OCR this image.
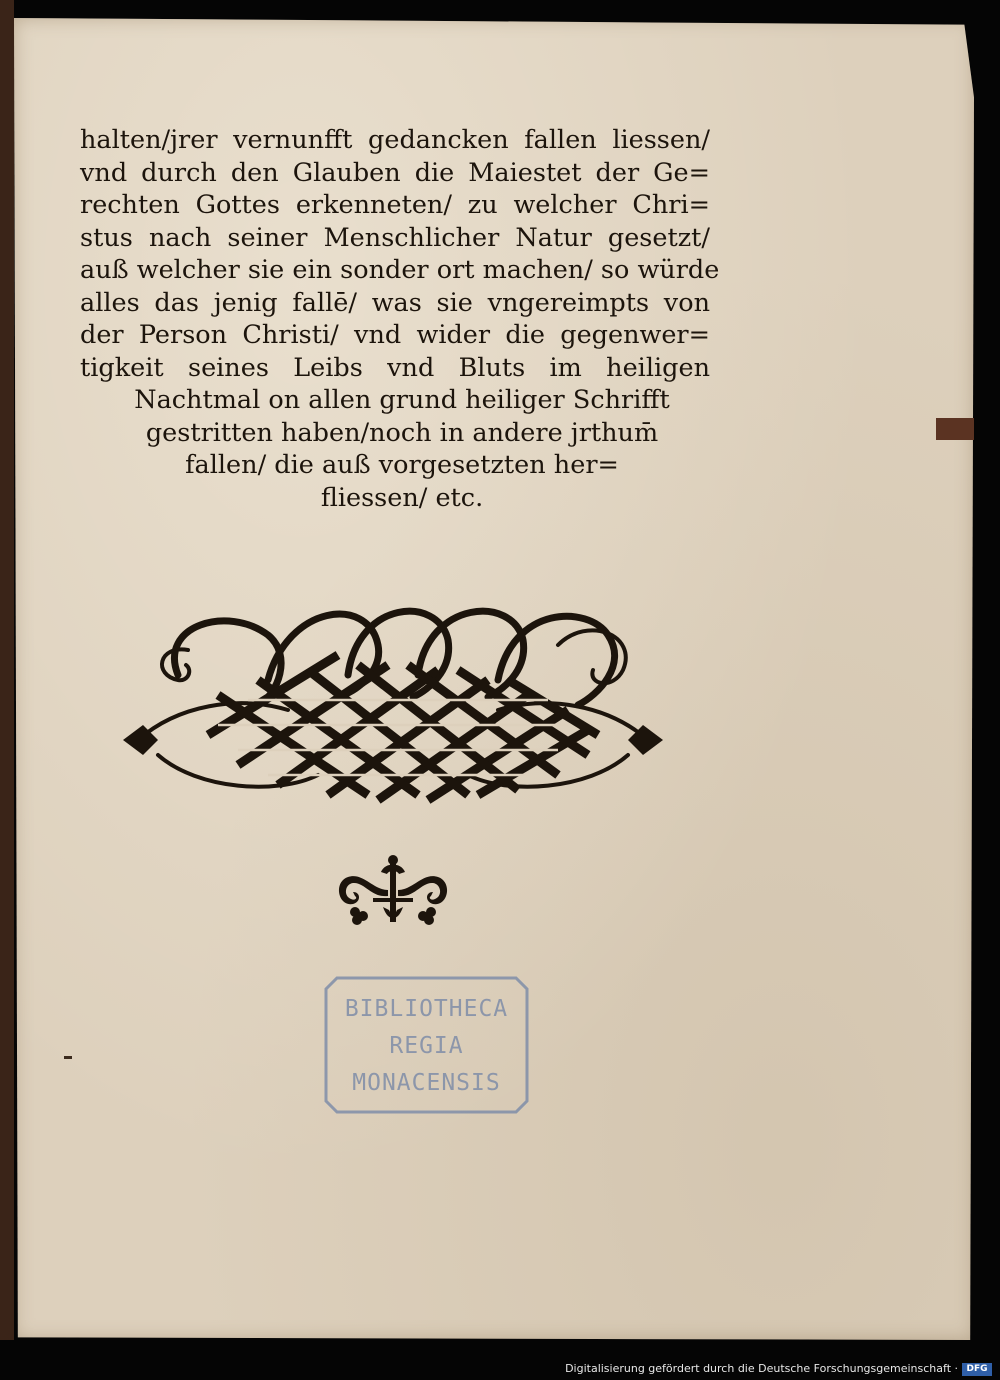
halten/jrer vernunfft gedancken fallen liessen/
vnd durch den Glauben die Maiestet der Ge=
rechten Gottes erkenneten/ zu welcher Chri=
stus nach seiner Menschlicher Natur gesetzt/
auß welcher sie ein sonder ort machen/ so würde
alles das jenig fallē/ was sie vngereimpts von
der Person Christi/ vnd wider die gegenwer=
tigkeit seines Leibs vnd Bluts im heiligen
Nachtmal on allen grund heiliger Schrifft
gestritten haben/noch in andere jrthum̄
fallen/ die auß vorgesetzten her=
fliessen/ etc.
BIBLIOTHECA
REGIA
MONACENSIS
Digitalisierung gefördert durch die Deutsche Forschungsgemeinschaft · DFG
